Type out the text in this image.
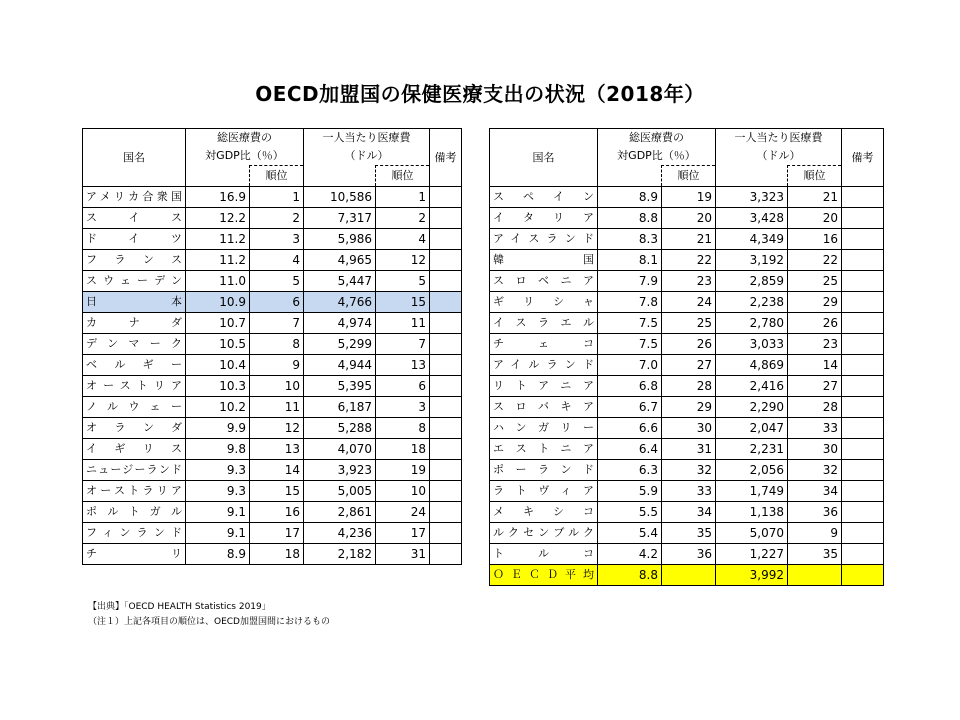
OECD加盟国の保健医療支出の状況（2018年）
国名	総医療費の
対GDP比（％）		一人当たり医療費
（ドル）		備考
		順位		順位	
アメリカ合衆国	16.9	1	10,586	1	
スイス	12.2	2	7,317	2	
ドイツ	11.2	3	5,986	4	
フランス	11.2	4	4,965	12	
スウェーデン	11.0	5	5,447	5	
日本	10.9	6	4,766	15	
カナダ	10.7	7	4,974	11	
デンマーク	10.5	8	5,299	7	
ベルギー	10.4	9	4,944	13	
オーストリア	10.3	10	5,395	6	
ノルウェー	10.2	11	6,187	3	
オランダ	9.9	12	5,288	8	
イギリス	9.8	13	4,070	18	
ニュージーランド	9.3	14	3,923	19	
オーストラリア	9.3	15	5,005	10	
ポルトガル	9.1	16	2,861	24	
フィンランド	9.1	17	4,236	17	
チリ	8.9	18	2,182	31	
国名	総医療費の
対GDP比（％）		一人当たり医療費
（ドル）		備考
		順位		順位	
スペイン	8.9	19	3,323	21	
イタリア	8.8	20	3,428	20	
アイスランド	8.3	21	4,349	16	
韓国	8.1	22	3,192	22	
スロベニア	7.9	23	2,859	25	
ギリシャ	7.8	24	2,238	29	
イスラエル	7.5	25	2,780	26	
チェコ	7.5	26	3,033	23	
アイルランド	7.0	27	4,869	14	
リトアニア	6.8	28	2,416	27	
スロバキア	6.7	29	2,290	28	
ハンガリー	6.6	30	2,047	33	
エストニア	6.4	31	2,231	30	
ポーランド	6.3	32	2,056	32	
ラトヴィア	5.9	33	1,749	34	
メキシコ	5.5	34	1,138	36	
ルクセンブルク	5.4	35	5,070	9	
トルコ	4.2	36	1,227	35	
ＯＥＣＤ平均	8.8		3,992		
【出典】「OECD HEALTH Statistics 2019」
（注１）上記各項目の順位は、OECD加盟国間におけるもの
